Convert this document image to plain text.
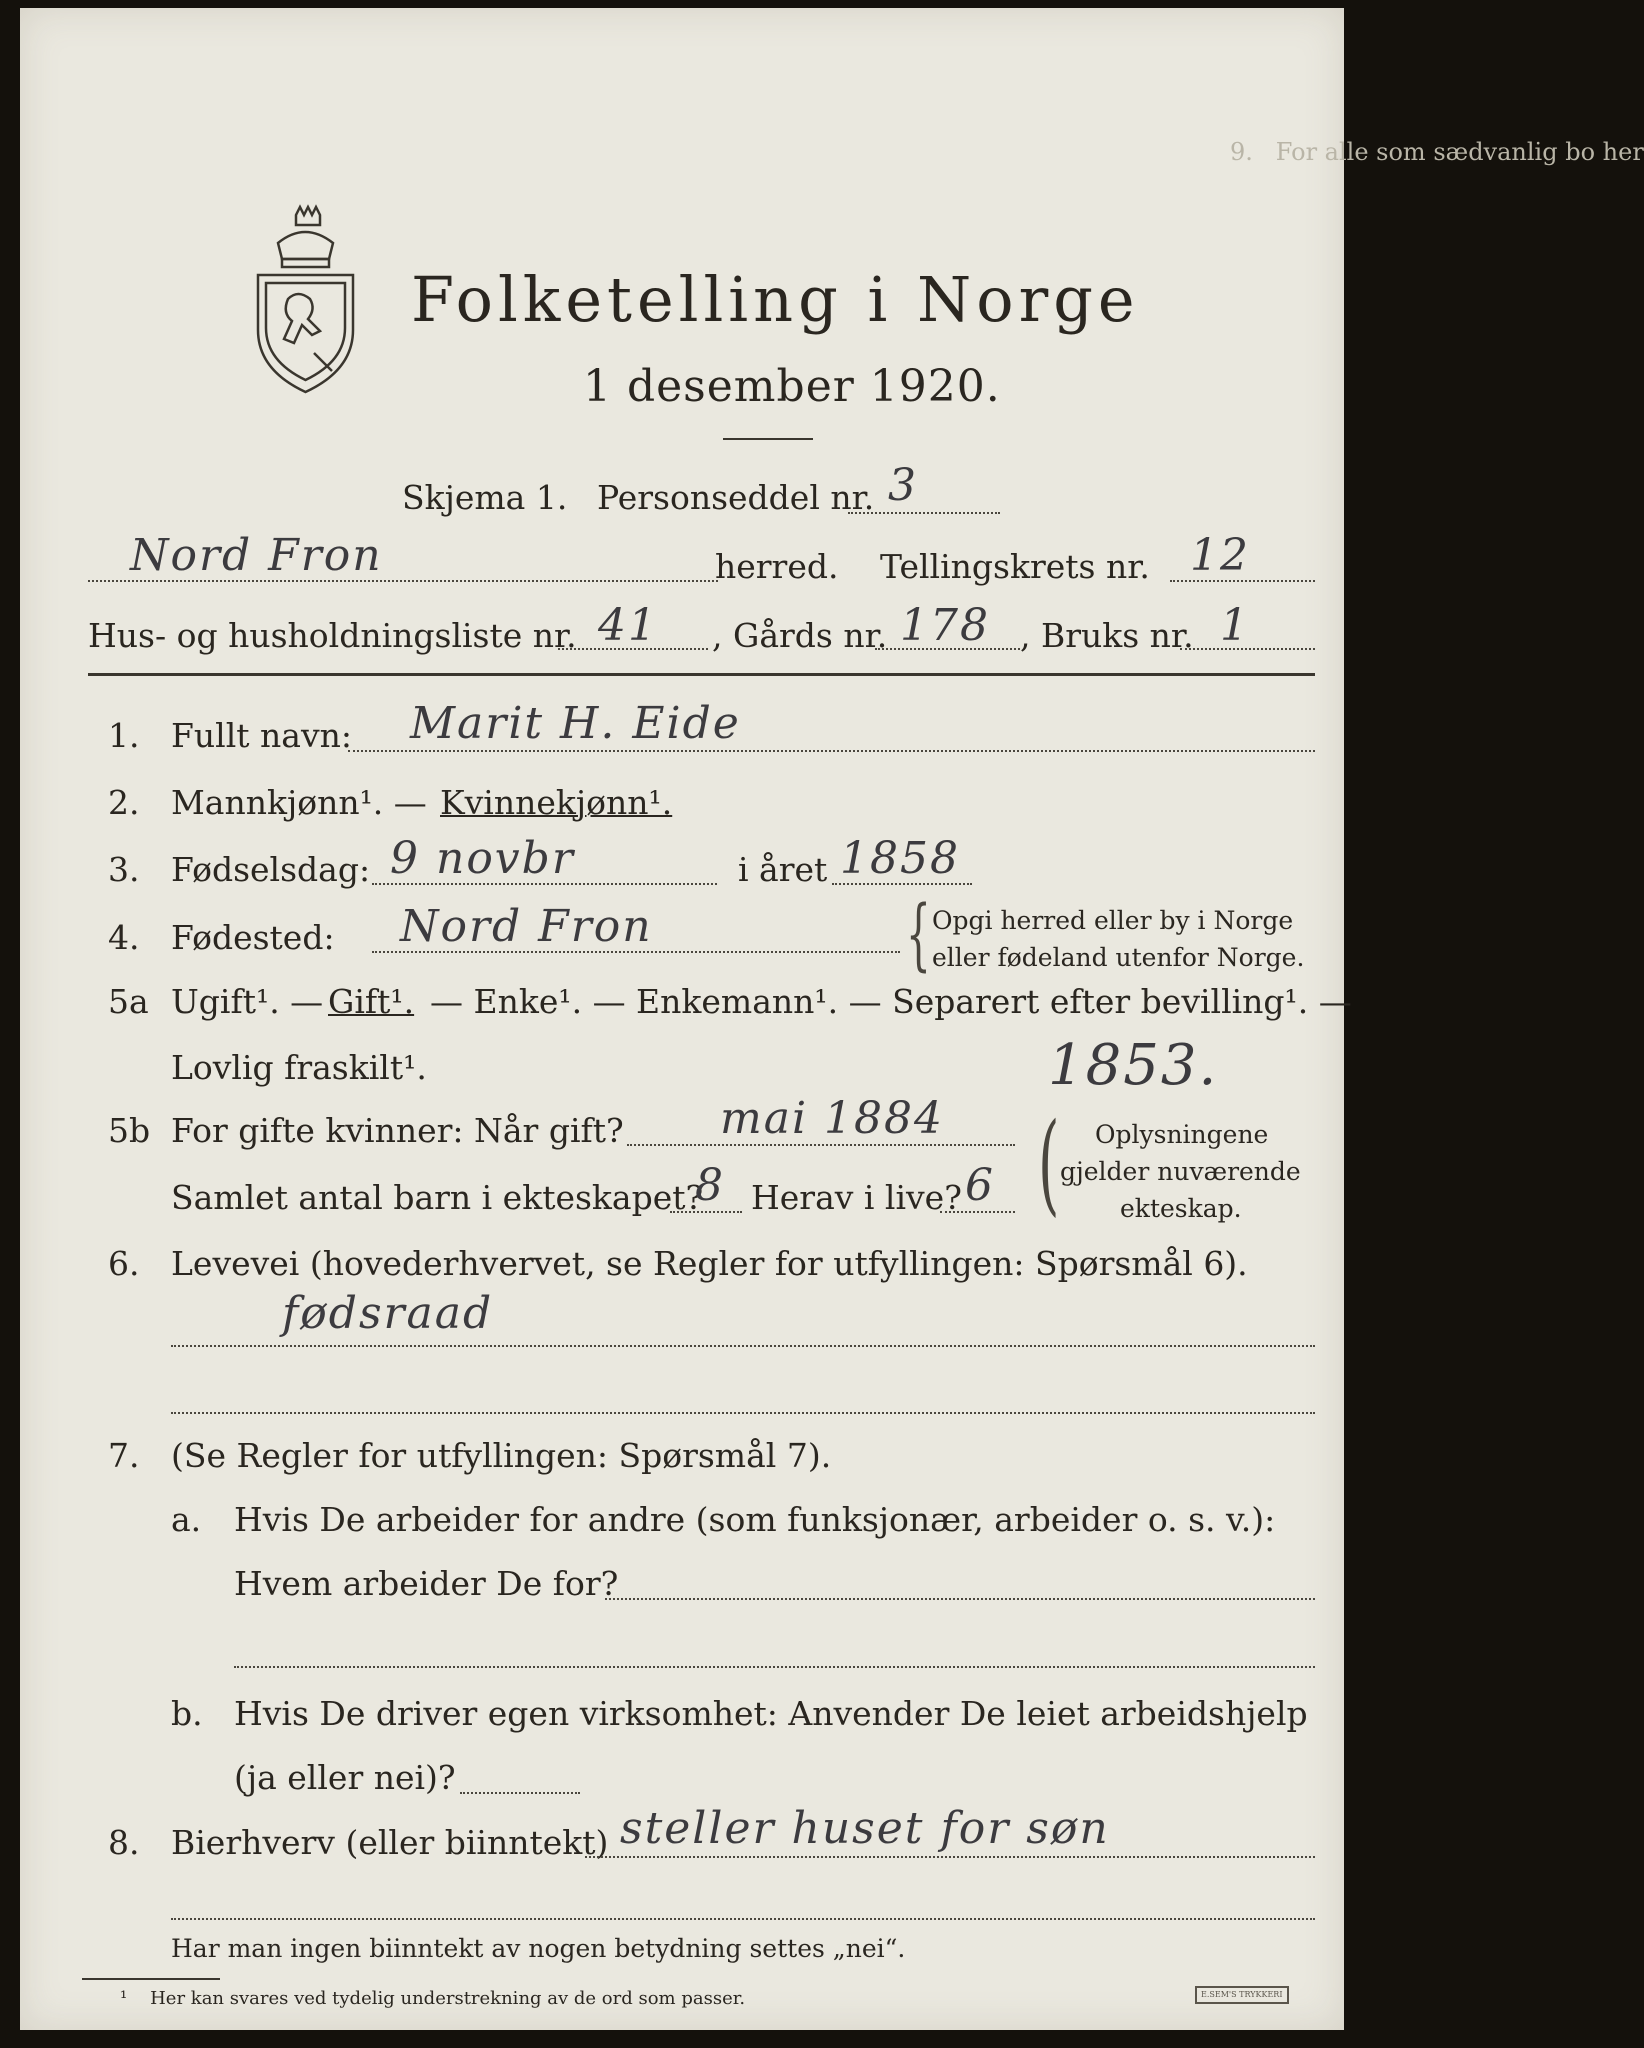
9.   For alle som sædvanlig bo her
Folketelling i Norge
1 desember 1920.
Skjema 1. Personseddel nr. 3
Nord Fron	herred. Tellingskrets nr. 12
Hus- og husholdningsliste nr. 41 , Gårds nr. 178 , Bruks nr. 1
1. Fullt navn: Marit H. Eide
2. Mannkjønn¹. — Kvinnekjønn¹.
3. Fødselsdag: 9 novbr	i året 1858
4. Fødested: Nord Fron	{ Opgi herred eller by i Norge
eller fødeland utenfor Norge.
5a Ugift¹. — Gift¹. — Enke¹. — Enkemann¹. — Separert efter bevilling¹. —
Lovlig fraskilt¹.	1853.
5b For gifte kvinner: Når gift? mai 1884
Samlet antal barn i ekteskapet?
8 Herav i live? 6 ( Oplysningene
gjelder nuværende
ekteskap.
6. Levevei (hovederhvervet, se Regler for utfyllingen: Spørsmål 6).
fødsraad
7. (Se Regler for utfyllingen: Spørsmål 7).
a. Hvis De arbeider for andre (som funksjonær, arbeider o. s. v.):
Hvem arbeider De for?
b. Hvis De driver egen virksomhet: Anvender De leiet arbeidshjelp
(ja eller nei)?
8. Bierhverv (eller biinntekt) steller huset for søn
Har man ingen biinntekt av nogen betydning settes „nei“.
¹ Her kan svares ved tydelig understrekning av de ord som passer.	E.SEM'S TRYKKERI
